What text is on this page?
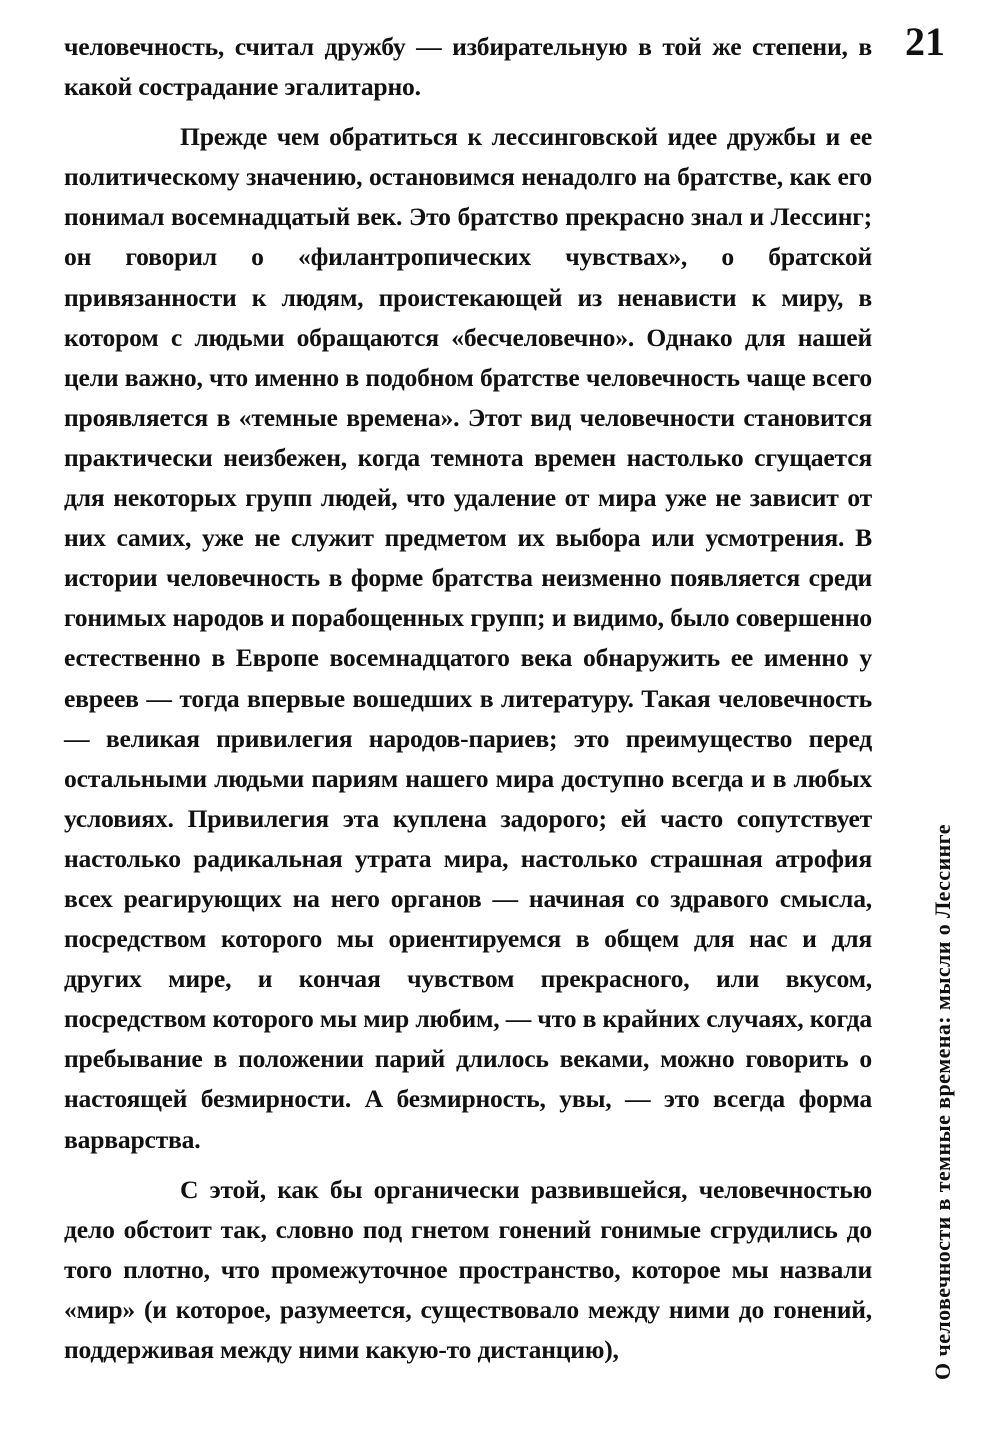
21

человечность, считал дружбу — избирательную в той же степени, в какой сострадание эгалитарно.

Прежде чем обратиться к лессинговской идее дружбы и ее политическому значению, остановимся ненадолго на братстве, как его понимал восемнадцатый век. Это братство прекрасно знал и Лессинг; он говорил о «филантропических чувствах», о братской привязанности к людям, проистекающей из ненависти к миру, в котором с людьми обращаются «бесчеловечно». Однако для нашей цели важно, что именно в подобном братстве человечность чаще всего проявляется в «темные времена». Этот вид человечности становится практически неизбежен, когда темнота времен настолько сгущается для некоторых групп людей, что удаление от мира уже не зависит от них самих, уже не служит предметом их выбора или усмотрения. В истории человечность в форме братства неизменно появляется среди гонимых народов и порабощенных групп; и видимо, было совершенно естественно в Европе восемнадцатого века обнаружить ее именно у евреев — тогда впервые вошедших в литературу. Такая человечность — великая привилегия народов-париев; это преимущество перед остальными людьми париям нашего мира доступно всегда и в любых условиях. Привилегия эта куплена задорого; ей часто сопутствует настолько радикальная утрата мира, настолько страшная атрофия всех реагирующих на него органов — начиная со здравого смысла, посредством которого мы ориентируемся в общем для нас и для других мире, и кончая чувством прекрасного, или вкусом, посредством которого мы мир любим, — что в крайних случаях, когда пребывание в положении парий длилось веками, можно говорить о настоящей безмирности. А безмирность, увы, — это всегда форма варварства.

С этой, как бы органически развившейся, человечностью дело обстоит так, словно под гнетом гонений гонимые сгрудились до того плотно, что промежуточное пространство, которое мы назвали «мир» (и которое, разумеется, существовало между ними до гонений, поддерживая между ними какую-то дистанцию),	О человечности в темные времена: мысли о Лессинге
